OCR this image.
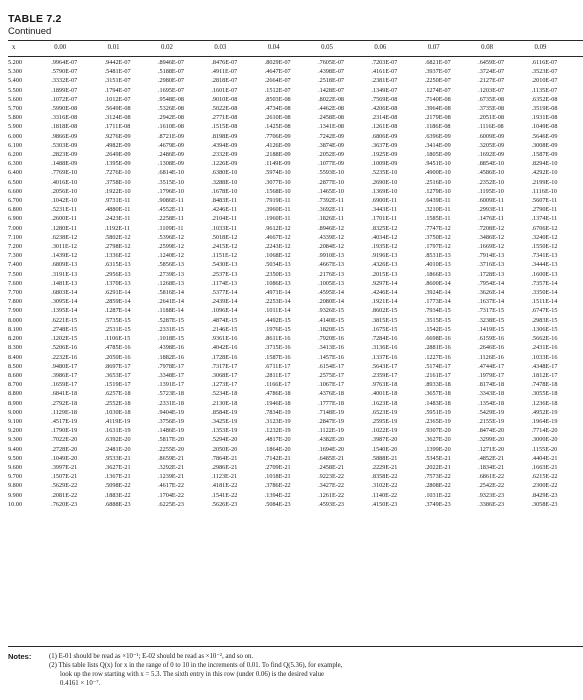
TABLE 7.2
Continued
x	0.00	0.01	0.02	0.03	0.04	0.05	0.06	0.07	0.08	0.09
5.200	.9964E-07	.9442E-07	.8946E-07	.8476E-07	.8029E-07	.7605E-07	.7203E-07	.6821E-07	.6459E-07	.6116E-07
5.300	.5790E-07	.5481E-07	.5188E-07	.4911E-07	.4647E-07	.4398E-07	.4161E-07	.3937E-07	.3724E-07	.3523E-07
5.400	.3332E-07	.3151E-07	.2980E-07	.2818E-07	.2664E-07	.2518E-07	.2381E-07	.2250E-07	.2127E-07	.2010E-07
5.500	.1899E-07	.1794E-07	.1695E-07	.1601E-07	.1512E-07	.1428E-07	.1349E-07	.1274E-07	.1203E-07	.1135E-07
5.600	.1072E-07	.1012E-07	.9548E-08	.9010E-08	.8503E-08	.8022E-08	.7569E-08	.7140E-08	.6735E-08	.6352E-08
5.700	.5990E-08	.5649E-08	.5326E-08	.5022E-08	.4734E-08	.4462E-08	.4206E-08	.3964E-08	.3735E-08	.3519E-08
5.800	.3316E-08	.3124E-08	.2942E-08	.2771E-08	.2610E-08	.2458E-08	.2314E-08	.2179E-08	.2051E-08	.1931E-08
5.900	.1818E-08	.1711E-08	.1610E-08	.1515E-08	.1425E-08	.1341E-08	.1261E-08	.1186E-08	.1116E-08	.1049E-08
6.000	.9866E-09	.9276E-09	.8721E-09	.8198E-09	.7706E-09	.7242E-09	.6806E-09	.6396E-09	.6009E-09	.5646E-09
6.100	.5303E-09	.4982E-09	.4679E-09	.4394E-09	.4126E-09	.3874E-09	.3637E-09	.3414E-09	.3205E-09	.3008E-09
6.200	.2823E-09	.2649E-09	.2486E-09	.2332E-09	.2188E-09	.2052E-09	.1925E-09	.1805E-09	.1692E-09	.1587E-09
6.300	.1488E-09	.1395E-09	.1308E-09	.1226E-09	.1149E-09	.1077E-09	.1009E-09	.9451E-10	.8854E-10	.8294E-10
6.400	.7769E-10	.7276E-10	.6814E-10	.6380E-10	.5974E-10	.5593E-10	.5235E-10	.4900E-10	.4586E-10	.4292E-10
6.500	.4016E-10	.3758E-10	.3515E-10	.3288E-10	.3077E-10	.2877E-10	.2690E-10	.2516E-10	.2352E-10	.2199E-10
6.600	.2056E-10	.1922E-10	.1796E-10	.1678E-10	.1568E-10	.1465E-10	.1369E-10	.1279E-10	.1195E-10	.1116E-10
6.700	.1042E-10	.9731E-11	.9086E-11	.8483E-11	.7919E-11	.7392E-11	.6900E-11	.6439E-11	.6009E-11	.5607E-11
6.800	.5231E-11	.4880E-11	.4552E-11	.4246E-11	.3960E-11	.3692E-11	.3443E-11	.3210E-11	.2993E-11	.2790E-11
6.900	.2600E-11	.2423E-11	.2258E-11	.2104E-11	.1960E-11	.1826E-11	.1701E-11	.1585E-11	.1476E-11	.1374E-11
7.000	.1280E-11	.1192E-11	.1109E-11	.1033E-11	.9612E-12	.8946E-12	.8325E-12	.7747E-12	.7208E-12	.6706E-12
7.100	.6238E-12	.5802E-12	.5396E-12	.5018E-12	.4667E-12	.4339E-12	.4034E-12	.3750E-12	.3486E-12	.3240E-12
7.200	.3011E-12	.2798E-12	.2599E-12	.2415E-12	.2243E-12	.2084E-12	.1935E-12	.1797E-12	.1669E-12	.1550E-12
7.300	.1439E-12	.1336E-12	.1240E-12	.1151E-12	.1068E-12	.9910E-13	.9196E-13	.8531E-13	.7914E-13	.7341E-13
7.400	.6809E-13	.6315E-13	.5856E-13	.5430E-13	.5034E-13	.4667E-13	.4326E-13	.4010E-13	.3716E-13	.3444E-13
7.500	.3191E-13	.2956E-13	.2739E-13	.2537E-13	.2350E-13	.2176E-13	.2015E-13	.1866E-13	.1728E-13	.1600E-13
7.600	.1481E-13	.1370E-13	.1268E-13	.1174E-13	.1086E-13	.1005E-13	.9297E-14	.8600E-14	.7954E-14	.7357E-14
7.700	.6803E-14	.6291E-14	.5816E-14	.5377E-14	.4971E-14	.4595E-14	.4246E-14	.3924E-14	.3626E-14	.3350E-14
7.800	.3095E-14	.2859E-14	.2641E-14	.2439E-14	.2253E-14	.2080E-14	.1921E-14	.1773E-14	.1637E-14	.1511E-14
7.900	.1395E-14	.1287E-14	.1188E-14	.1096E-14	.1011E-14	.9326E-15	.8602E-15	.7934E-15	.7317E-15	.6747E-15
8.000	.6221E-15	.5735E-15	.5287E-15	.4874E-15	.4492E-15	.4140E-15	.3815E-15	.3515E-15	.3238E-15	.2983E-15
8.100	.2748E-15	.2531E-15	.2331E-15	.2146E-15	.1976E-15	.1820E-15	.1675E-15	.1542E-15	.1419E-15	.1306E-15
8.200	.1202E-15	.1106E-15	.1018E-15	.9361E-16	.8611E-16	.7920E-16	.7284E-16	.6698E-16	.6159E-16	.5662E-16
8.300	.5206E-16	.4785E-16	.4398E-16	.4042E-16	.3715E-16	.3413E-16	.3136E-16	.2881E-16	.2646E-16	.2431E-16
8.400	.2232E-16	.2050E-16	.1882E-16	.1728E-16	.1587E-16	.1457E-16	.1337E-16	.1227E-16	.1126E-16	.1033E-16
8.500	.9480E-17	.8697E-17	.7978E-17	.7317E-17	.6711E-17	.6154E-17	.5643E-17	.5174E-17	.4744E-17	.4348E-17
8.600	.3986E-17	.3653E-17	.3348E-17	.3068E-17	.2811E-17	.2575E-17	.2359E-17	.2161E-17	.1979E-17	.1812E-17
8.700	.1659E-17	.1519E-17	.1391E-17	.1273E-17	.1166E-17	.1067E-17	.9763E-18	.8933E-18	.8174E-18	.7478E-18
8.800	.6841E-18	.6257E-18	.5723E-18	.5234E-18	.4786E-18	.4376E-18	.4001E-18	.3657E-18	.3343E-18	.3055E-18
8.900	.2792E-18	.2552E-18	.2331E-18	.2130E-18	.1946E-18	.1777E-18	.1623E-18	.1483E-18	.1354E-18	.1236E-18
9.000	.1129E-18	.1030E-18	.9404E-19	.8584E-19	.7834E-19	.7148E-19	.6523E-19	.5951E-19	.5429E-19	.4952E-19
9.100	.4517E-19	.4119E-19	.3756E-19	.3425E-19	.3123E-19	.2847E-19	.2595E-19	.2365E-19	.2155E-19	.1964E-19
9.200	.1790E-19	.1631E-19	.1486E-19	.1353E-19	.1232E-19	.1122E-19	.1022E-19	.9307E-20	.8474E-20	.7714E-20
9.300	.7022E-20	.6392E-20	.5817E-20	.5294E-20	.4817E-20	.4382E-20	.3987E-20	.3627E-20	.3299E-20	.3000E-20
9.400	.2728E-20	.2481E-20	.2255E-20	.2050E-20	.1864E-20	.1694E-20	.1540E-20	.1399E-20	.1271E-20	.1155E-20
9.500	.1049E-20	.9533E-21	.8659E-21	.7864E-21	.7142E-21	.6485E-21	.5888E-21	.5345E-21	.4852E-21	.4404E-21
9.600	.3997E-21	.3627E-21	.3292E-21	.2986E-21	.2709E-21	.2458E-21	.2229E-21	.2022E-21	.1834E-21	.1663E-21
9.700	.1507E-21	.1367E-21	.1239E-21	.1123E-21	.1018E-21	.9223E-22	.8358E-22	.7573E-22	.6861E-22	.6215E-22
9.800	.5629E-22	.5098E-22	.4617E-22	.4181E-22	.3786E-22	.3427E-22	.3102E-22	.2808E-22	.2542E-22	.2300E-22
9.900	.2081E-22	.1883E-22	.1704E-22	.1541E-22	.1394E-22	.1261E-22	.1140E-22	.1031E-22	.9323E-23	.8429E-23
10.00	.7620E-23	.6888E-23	.6225E-23	.5626E-23	.5084E-23	.4593E-23	.4150E-23	.3749E-23	.3386E-23	.3058E-23
Notes:	(1) E-01 should be read as ×10⁻¹; E-02 should be read as ×10⁻², and so on.
(2) This table lists Q(x) for x in the range of 0 to 10 in the increments of 0.01. To find Q(5.36), for example,
look up the row starting with x = 5.3. The sixth entry in this row (under 0.06) is the desired value
0.4161 × 10⁻⁷.
